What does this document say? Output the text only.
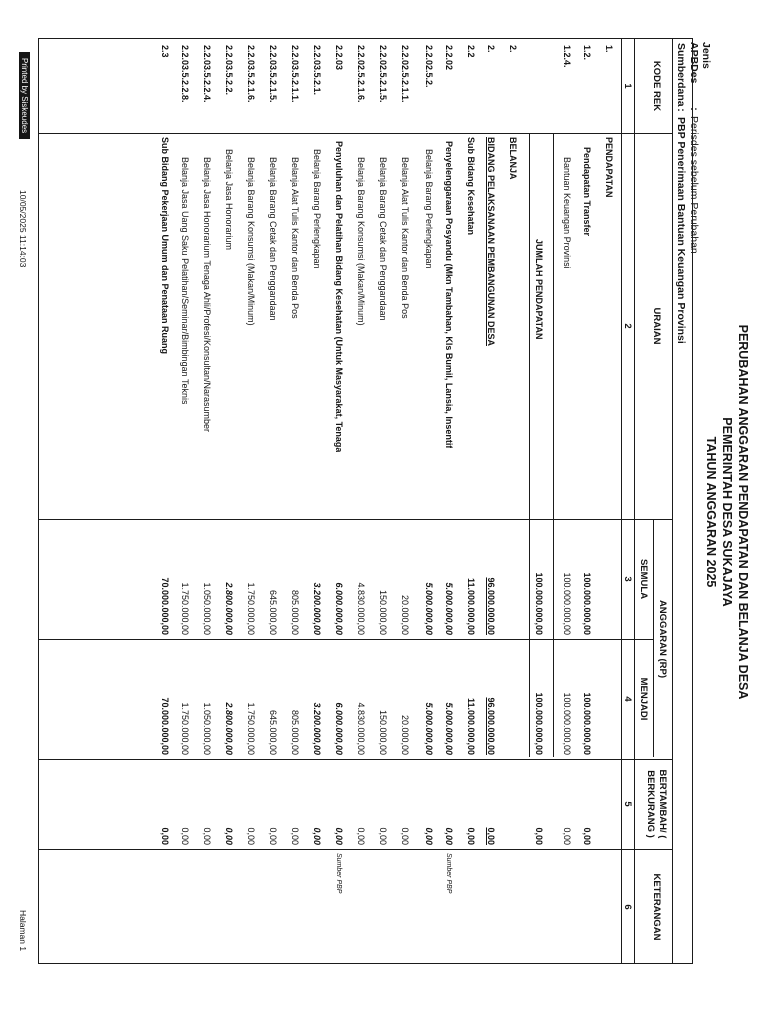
PERUBAHAN ANGGARAN PENDAPATAN DAN BELANJA DESA
PEMERINTAH DESA SUKAJAYA
TAHUN ANGGARAN 2025
Jenis APBDes:Perisdes sebelum Perubahan
Sumberdana:PBP Penerimaan Bantuan Keuangan Provinsi
KODE REK
URAIAN
ANGGARAN (RP)
SEMULA
MENJADI
BERTAMBAH/ ( BERKURANG )
KETERANGAN
1
2
3
4
5
6
1.
PENDAPATAN
1.2.
Pendapatan Transfer
100.000.000,00
100.000.000,00
0,00
1.2.4.
Bantuan Keuangan Provinsi
100.000.000,00
100.000.000,00
0,00
JUMLAH PENDAPATAN
100.000.000,00
100.000.000,00
0,00
2.
BELANJA
2.
BIDANG PELAKSANAAN PEMBANGUNAN DESA
96.000.000,00
96.000.000,00
0,00
2.2
Sub Bidang Kesehatan
11.000.000,00
11.000.000,00
0,00
2.2.02
Penyelenggaraan Posyandu (Mkn Tambahan, Kls Bumil, Lansia, Insentif
5.000.000,00
5.000.000,00
0,00
Sumber PBP
2.2.02.5.2.
Belanja Barang Perlengkapan
5.000.000,00
5.000.000,00
0,00
2.2.02.5.2.1.1.
Belanja Alat Tulis Kantor dan Benda Pos
20.000,00
20.000,00
0,00
2.2.02.5.2.1.5.
Belanja Barang Cetak dan Penggandaan
150.000,00
150.000,00
0,00
2.2.02.5.2.1.6.
Belanja Barang Konsumsi (Makan/Minum)
4.830.000,00
4.830.000,00
0,00
2.2.03
Penyuluhan dan Pelatihan Bidang Kesehatan (Untuk Masyarakat, Tenaga
6.000.000,00
6.000.000,00
0,00
Sumber PBP
2.2.03.5.2.1.
Belanja Barang Perlengkapan
3.200.000,00
3.200.000,00
0,00
2.2.03.5.2.1.1.
Belanja Alat Tulis Kantor dan Benda Pos
805.000,00
805.000,00
0,00
2.2.03.5.2.1.5.
Belanja Barang Cetak dan Penggandaan
645.000,00
645.000,00
0,00
2.2.03.5.2.1.6.
Belanja Barang Konsumsi (Makan/Minum)
1.750.000,00
1.750.000,00
0,00
2.2.03.5.2.2.
Belanja Jasa Honorarium
2.800.000,00
2.800.000,00
0,00
2.2.03.5.2.2.4.
Belanja Jasa Honorarium Tenaga Ahli/Profesi/Konsultan/Narasumber
1.050.000,00
1.050.000,00
0,00
2.2.03.5.2.2.8.
Belanja Jasa Uang Saku Pelatihan/Seminar/Bimbingan Teknis
1.750.000,00
1.750.000,00
0,00
2.3
Sub Bidang Pekerjaan Umum dan Penataan Ruang
70.000.000,00
70.000.000,00
0,00
Printed by Siskeudes
10/05/2025 11:14:03
Halaman 1
